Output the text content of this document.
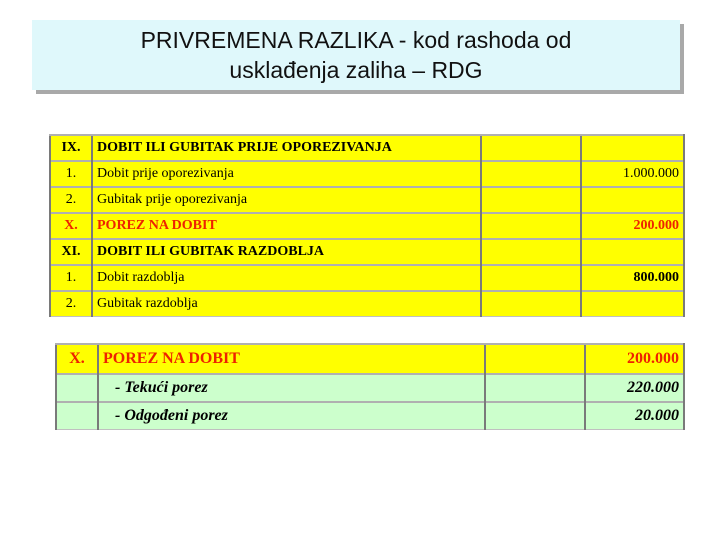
PRIVREMENA RAZLIKA - kod rashoda od
usklađenja zaliha – RDG
IX.	DOBIT ILI GUBITAK PRIJE OPOREZIVANJA		
1.	Dobit prije oporezivanja		1.000.000
2.	Gubitak prije oporezivanja		
X.	POREZ NA DOBIT		200.000
XI.	DOBIT ILI GUBITAK RAZDOBLJA		
1.	Dobit razdoblja		800.000
2.	Gubitak razdoblja		
X.	POREZ NA DOBIT		200.000
	- Tekući porez		220.000
	- Odgođeni porez		20.000
